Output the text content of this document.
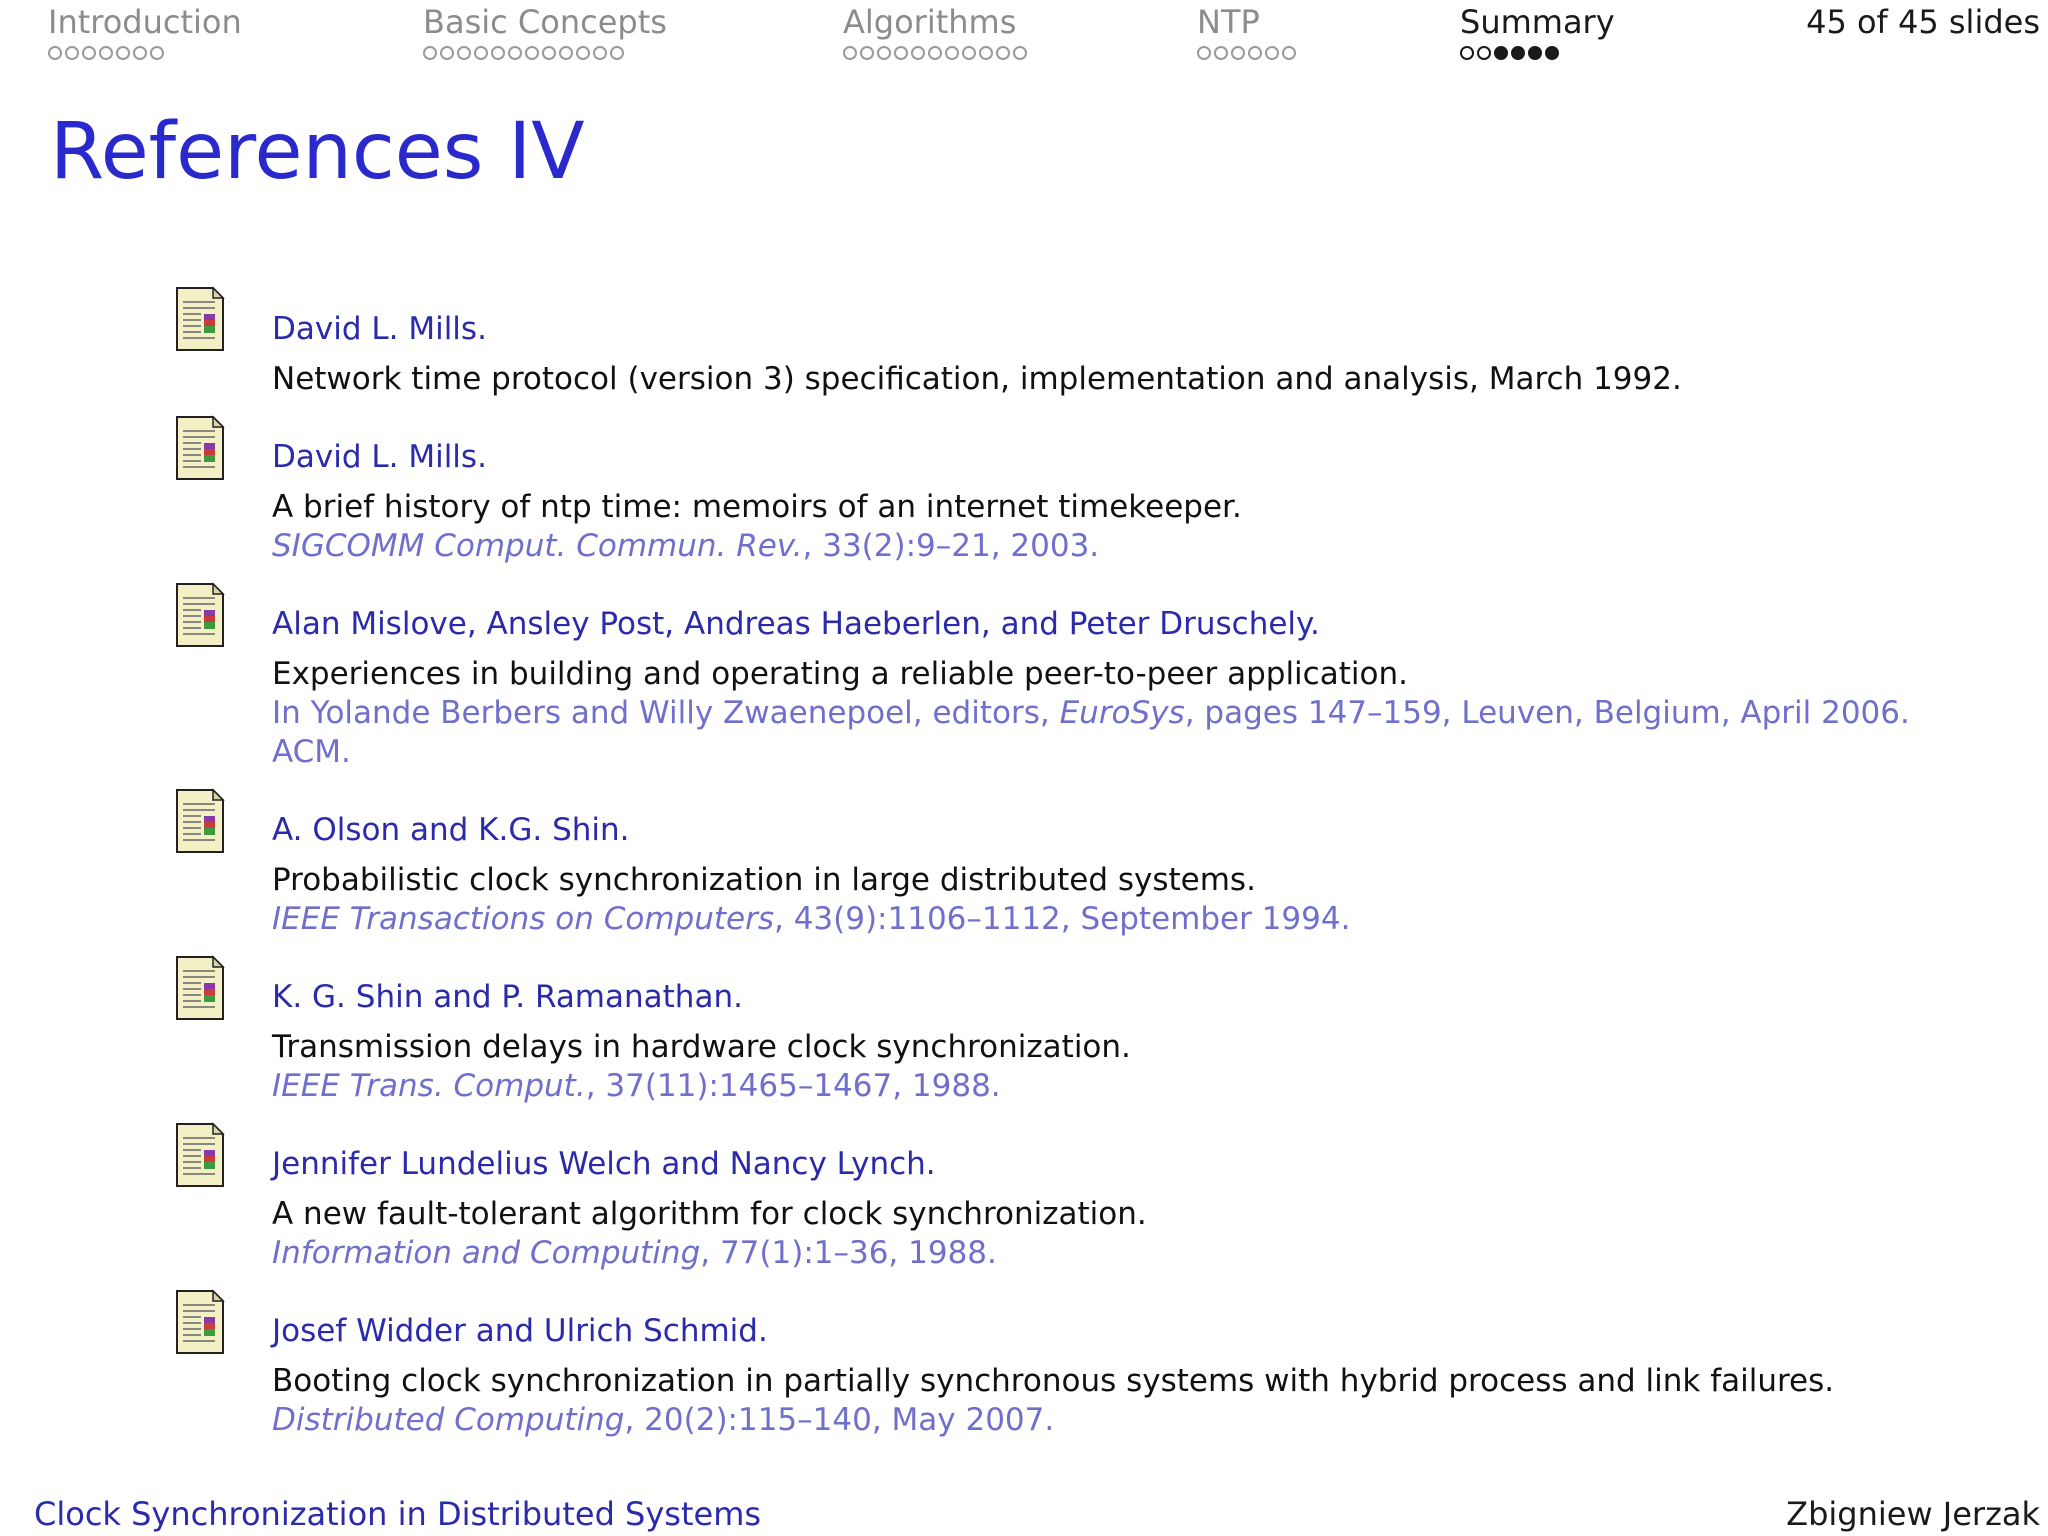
Introduction	Basic Concepts	Algorithms	NTP	Summary	45 of 45 slides
References IV
David L. Mills.
Network time protocol (version 3) specification, implementation and analysis, March 1992.
David L. Mills.
A brief history of ntp time: memoirs of an internet timekeeper.
SIGCOMM Comput. Commun. Rev., 33(2):9–21, 2003.
Alan Mislove, Ansley Post, Andreas Haeberlen, and Peter Druschely.
Experiences in building and operating a reliable peer-to-peer application.
In Yolande Berbers and Willy Zwaenepoel, editors, EuroSys, pages 147–159, Leuven, Belgium, April 2006.
ACM.
A. Olson and K.G. Shin.
Probabilistic clock synchronization in large distributed systems.
IEEE Transactions on Computers, 43(9):1106–1112, September 1994.
K. G. Shin and P. Ramanathan.
Transmission delays in hardware clock synchronization.
IEEE Trans. Comput., 37(11):1465–1467, 1988.
Jennifer Lundelius Welch and Nancy Lynch.
A new fault-tolerant algorithm for clock synchronization.
Information and Computing, 77(1):1–36, 1988.
Josef Widder and Ulrich Schmid.
Booting clock synchronization in partially synchronous systems with hybrid process and link failures.
Distributed Computing, 20(2):115–140, May 2007.
Clock Synchronization in Distributed Systems	Zbigniew Jerzak
